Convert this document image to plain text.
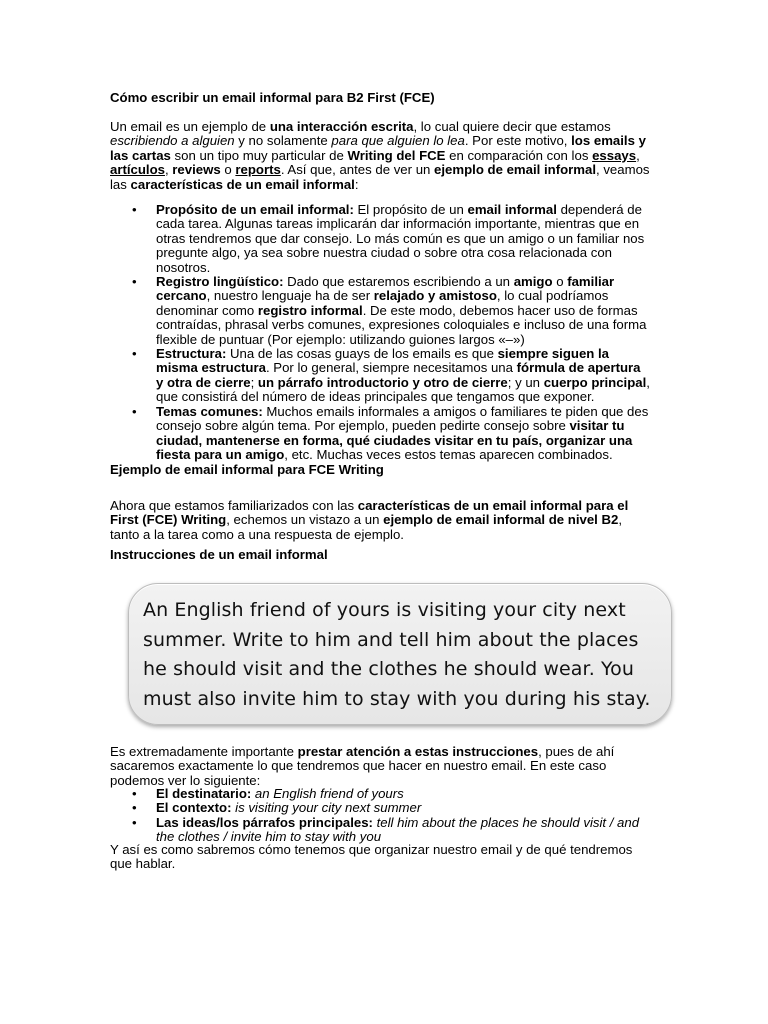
Cómo escribir un email informal para B2 First (FCE)

Un email es un ejemplo de una interacción escrita, lo cual quiere decir que estamos escribiendo a alguien y no solamente para que alguien lo lea. Por este motivo, los emails y las cartas son un tipo muy particular de Writing del FCE en comparación con los essays, artículos, reviews o reports. Así que, antes de ver un ejemplo de email informal, veamos las características de un email informal:

• Propósito de un email informal: El propósito de un email informal dependerá de cada tarea. Algunas tareas implicarán dar información importante, mientras que en otras tendremos que dar consejo. Lo más común es que un amigo o un familiar nos pregunte algo, ya sea sobre nuestra ciudad o sobre otra cosa relacionada con nosotros.
• Registro lingüístico: Dado que estaremos escribiendo a un amigo o familiar cercano, nuestro lenguaje ha de ser relajado y amistoso, lo cual podríamos denominar como registro informal. De este modo, debemos hacer uso de formas contraídas, phrasal verbs comunes, expresiones coloquiales e incluso de una forma flexible de puntuar (Por ejemplo: utilizando guiones largos «–»)
• Estructura: Una de las cosas guays de los emails es que siempre siguen la misma estructura. Por lo general, siempre necesitamos una fórmula de apertura y otra de cierre; un párrafo introductorio y otro de cierre; y un cuerpo principal, que consistirá del número de ideas principales que tengamos que exponer.
• Temas comunes: Muchos emails informales a amigos o familiares te piden que des consejo sobre algún tema. Por ejemplo, pueden pedirte consejo sobre visitar tu ciudad, mantenerse en forma, qué ciudades visitar en tu país, organizar una fiesta para un amigo, etc. Muchas veces estos temas aparecen combinados.
Ejemplo de email informal para FCE Writing

Ahora que estamos familiarizados con las características de un email informal para el First (FCE) Writing, echemos un vistazo a un ejemplo de email informal de nivel B2, tanto a la tarea como a una respuesta de ejemplo.

Instrucciones de un email informal
An English friend of yours is visiting your city next summer. Write to him and tell him about the places he should visit and the clothes he should wear. You must also invite him to stay with you during his stay.

Es extremadamente importante prestar atención a estas instrucciones, pues de ahí sacaremos exactamente lo que tendremos que hacer en nuestro email. En este caso podemos ver lo siguiente:

• El destinatario: an English friend of yours
• El contexto: is visiting your city next summer
• Las ideas/los párrafos principales: tell him about the places he should visit / and the clothes / invite him to stay with you

Y así es como sabremos cómo tenemos que organizar nuestro email y de qué tendremos que hablar.
